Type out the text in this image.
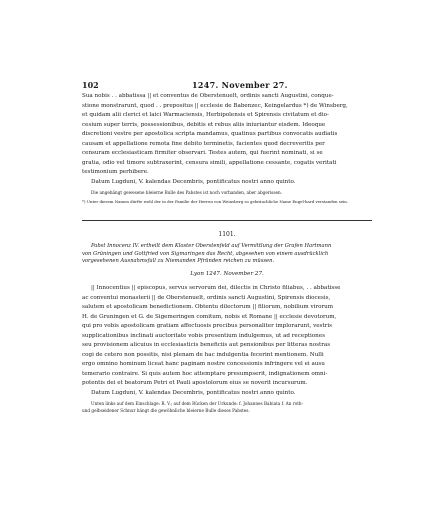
102	1247. November 27.
Sua nobis . . abbatissa || et conventus de Oberstenuelt, ordinis sancti Augustini, conque-
stione monstrarunt, quod . . prepositus || ecclesie de Babenzec, Keingelardus *) de Winsberg,
et quidam alii clerici et laici Warmaciensis, Herbipolensis et Spirensis civitatum et dio-
cesium super terris, possessionibus, debitis et rebus aliis iniuriantur eisdem. Ideoque
discretioni vestre per apostolica scripta mandamus, quatinus partibus convocatis audiatis
causam et appellatione remota fine debito terminetis, facientes quod decreveritis per
censuram ecclesiasticam firmiter observari. Testes autem, qui fuerint nominati, si se
gratia, odio vel timore subtraxerint, censura simili, appellatione cessante, cogatis veritati
testimonium perhibere.
Datum Lugduni, V. kalendas Decembris, pontificatus nostri anno quinto.

Die angehängt gewesene bleierne Bulle des Pabstes ist noch vorhanden, aber abgerissen.

*) Unter diesem Namen dürfte wohl der in der Familie der Herren von Weinsberg so gebräuchliche Name Engel-hard verstanden sein.

1101.
Pabst Innocenz IV. ertheilt dem Kloster Oberstenfeld auf Vermittlung der Grafen Hartmann
von Grüningen und Gottfried von Sigmaringen das Recht, abgesehen von einem ausdrücklich
vorgesehenen Ausnahmsfall zu Niemanden Pfründen reichen zu müssen.
Lyon 1247. November 27.
|| Innocentius || episcopus, servus servorum dei, dilectis in Christo filiabus, . . abbatisse
ac conventui monasterii || de Oberstenuelt, ordinis sancti Augustini, Spirensis diocesis,
salutem et apostolicam benedictionem. Obtentu dilectorum || filiorum, nobilium virorum
H. de Gruningen et G. de Sigemeringen comitum, nobis et Romane || ecclesie devotorum,
qui pro vobis apostolicam gratiam affectuosis precibus personaliter implorarunt, vestris
supplicationibus inclinati auctoritate vobis presentium indulgemus, ut ad receptiones
seu provisionem alicuius in ecclesiasticis beneficiis aut pensionibus per litteras nostras
cogi de cetero non possitis, nisi plenam de hac indulgentia fecerint mentionem. Nulli
ergo omnino hominum liceat hanc paginam nostre concessionis infringere vel ei ausu
temerario contraire. Si quis autem hoc attemptare presumpserit, indignationem omni-
potentis dei et beatorum Petri et Pauli apostolorum eius se noverit incursurum.
Datum Lugduni, V. kalendas Decembris, pontificatus nostri anno quinto.
Unten links auf dem Einschlage: R. V.; auf dem Rücken der Urkunde: f. Johannes Babiata f. An roth-
und gelbseidener Schnur hängt die gewöhnliche bleierne Bulle dieses Pabstes.
